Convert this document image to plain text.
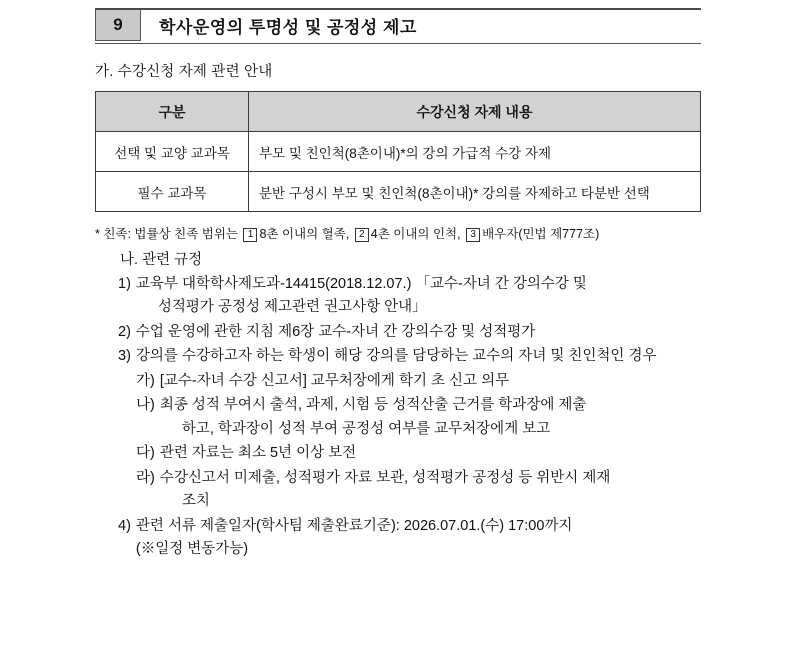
9	학사운영의 투명성 및 공정성 제고
가. 수강신청 자제 관련 안내
구분	수강신청 자제 내용
선택 및 교양 교과목	부모 및 친인척(8촌이내)*의 강의 가급적 수강 자제
필수 교과목	분반 구성시 부모 및 친인척(8촌이내)* 강의를 자제하고 타분반 선택
* 친족: 법률상 친족 범위는 1 8촌 이내의 혈족, 2 4촌 이내의 인척, 3 배우자(민법 제777조)
나. 관련 규정
1) 교육부 대학학사제도과-14415(2018.12.07.) 「교수-자녀 간 강의수강 및
성적평가 공정성 제고관련 권고사항 안내」
2) 수업 운영에 관한 지침 제6장 교수-자녀 간 강의수강 및 성적평가
3) 강의를 수강하고자 하는 학생이 해당 강의를 담당하는 교수의 자녀 및 친인척인 경우
가) [교수-자녀 수강 신고서] 교무처장에게 학기 초 신고 의무
나) 최종 성적 부여시 출석, 과제, 시험 등 성적산출 근거를 학과장에 제출
하고, 학과장이 성적 부여 공정성 여부를 교무처장에게 보고
다) 관련 자료는 최소 5년 이상 보전
라) 수강신고서 미제출, 성적평가 자료 보관, 성적평가 공정성 등 위반시 제재
조치
4) 관련 서류 제출일자(학사팀 제출완료기준): 2026.07.01.(수) 17:00까지
(※일정 변동가능)
